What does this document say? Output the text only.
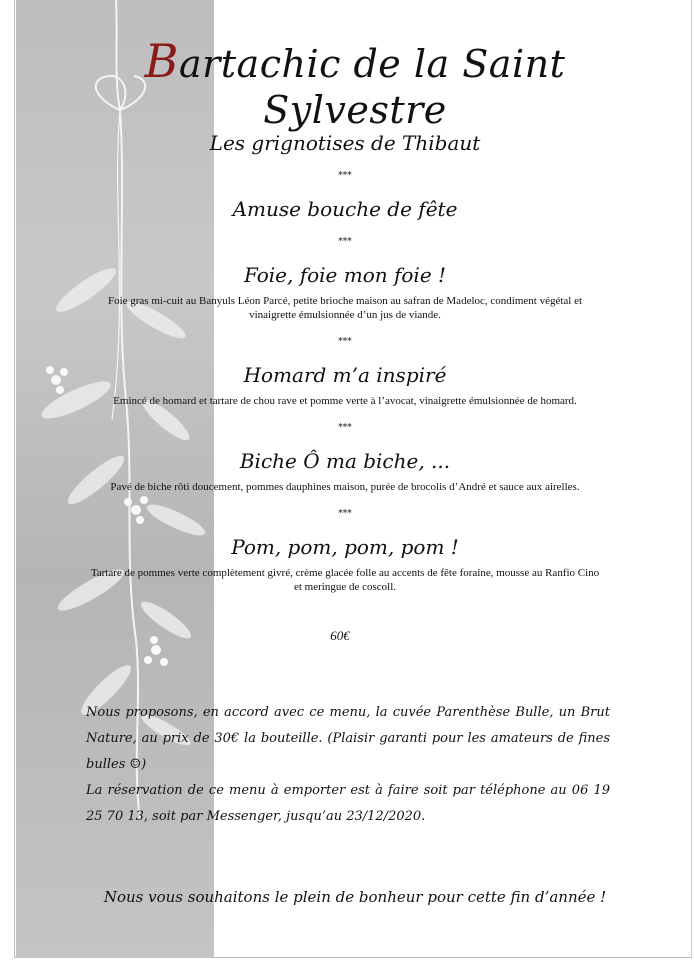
Bartachic de la Saint Sylvestre
Les grignotises de Thibaut
***
Amuse bouche de fête
***
Foie, foie mon foie !
Foie gras mi-cuit au Banyuls Léon Parcé, petite brioche maison au safran de Madeloc, condiment végétal et vinaigrette émulsionnée d’un jus de viande.
***
Homard m’a inspiré
Emincé de homard et tartare de chou rave et pomme verte à l’avocat, vinaigrette émulsionnée de homard.
***
Biche Ô ma biche, ...
Pavé de biche rôti doucement, pommes dauphines maison, purée de brocolis d’André et sauce aux airelles.
***
Pom, pom, pom, pom !
Tartare de pommes verte complètement givré, crème glacée folle au accents de fête foraine, mousse au Ranfio Cino et meringue de coscoll.
60€

Nous proposons, en accord avec ce menu, la cuvée Parenthèse Bulle, un Brut Nature, au prix de 30€ la bouteille. (Plaisir garanti pour les amateurs de fines bulles ☺)

La réservation de ce menu à emporter est à faire soit par téléphone au 06 19 25 70 13, soit par Messenger, jusqu’au 23/12/2020.

Nous vous souhaitons le plein de bonheur pour cette fin d’année !
